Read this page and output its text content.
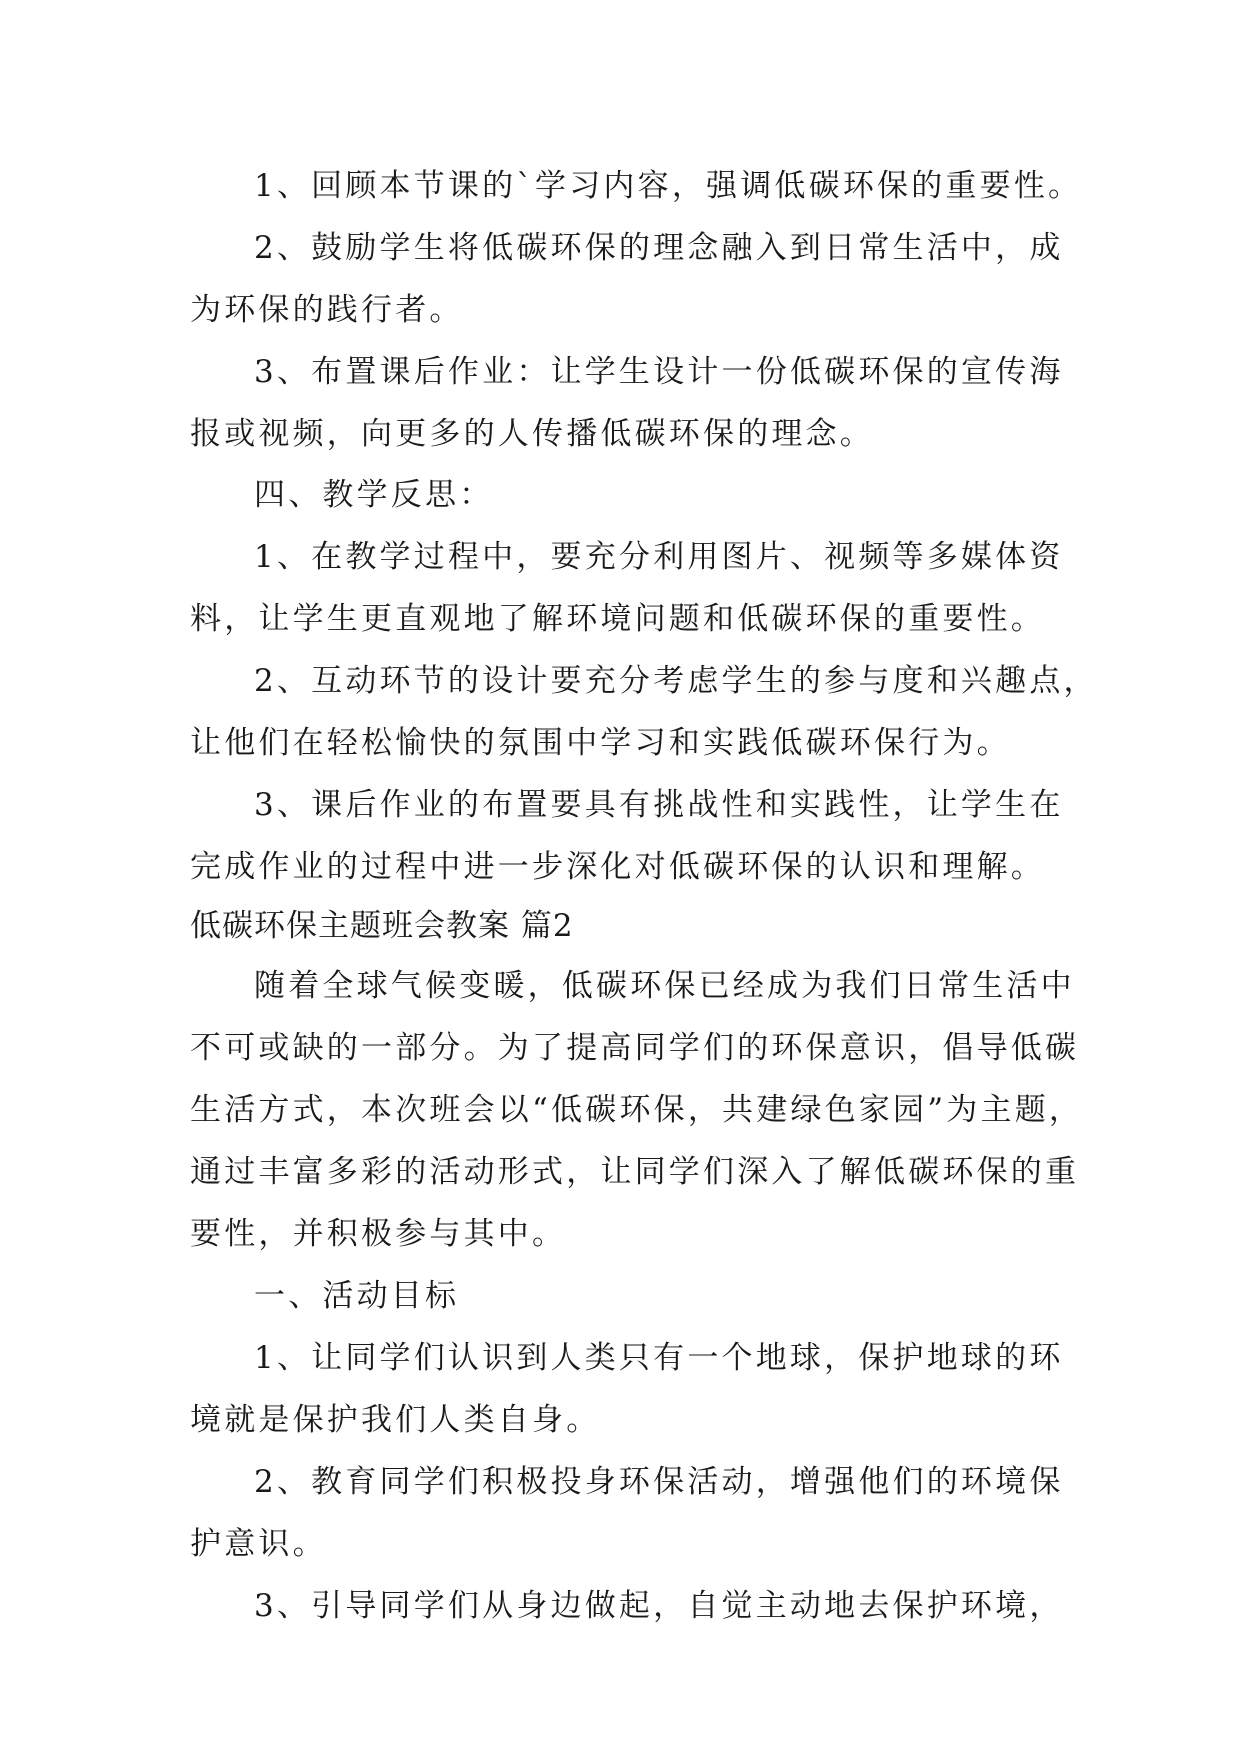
1、回顾本节课的`学习内容，强调低碳环保的重要性。
2、鼓励学生将低碳环保的理念融入到日常生活中，成
为环保的践行者。
3、布置课后作业：让学生设计一份低碳环保的宣传海
报或视频，向更多的人传播低碳环保的理念。
四、教学反思：
1、在教学过程中，要充分利用图片、视频等多媒体资
料，让学生更直观地了解环境问题和低碳环保的重要性。
2、互动环节的设计要充分考虑学生的参与度和兴趣点，
让他们在轻松愉快的氛围中学习和实践低碳环保行为。
3、课后作业的布置要具有挑战性和实践性，让学生在
完成作业的过程中进一步深化对低碳环保的认识和理解。
低碳环保主题班会教案 篇2
随着全球气候变暖，低碳环保已经成为我们日常生活中
不可或缺的一部分。为了提高同学们的环保意识，倡导低碳
生活方式，本次班会以“低碳环保，共建绿色家园”为主题，
通过丰富多彩的活动形式，让同学们深入了解低碳环保的重
要性，并积极参与其中。
一、活动目标
1、让同学们认识到人类只有一个地球，保护地球的环
境就是保护我们人类自身。
2、教育同学们积极投身环保活动，增强他们的环境保
护意识。
3、引导同学们从身边做起，自觉主动地去保护环境，
